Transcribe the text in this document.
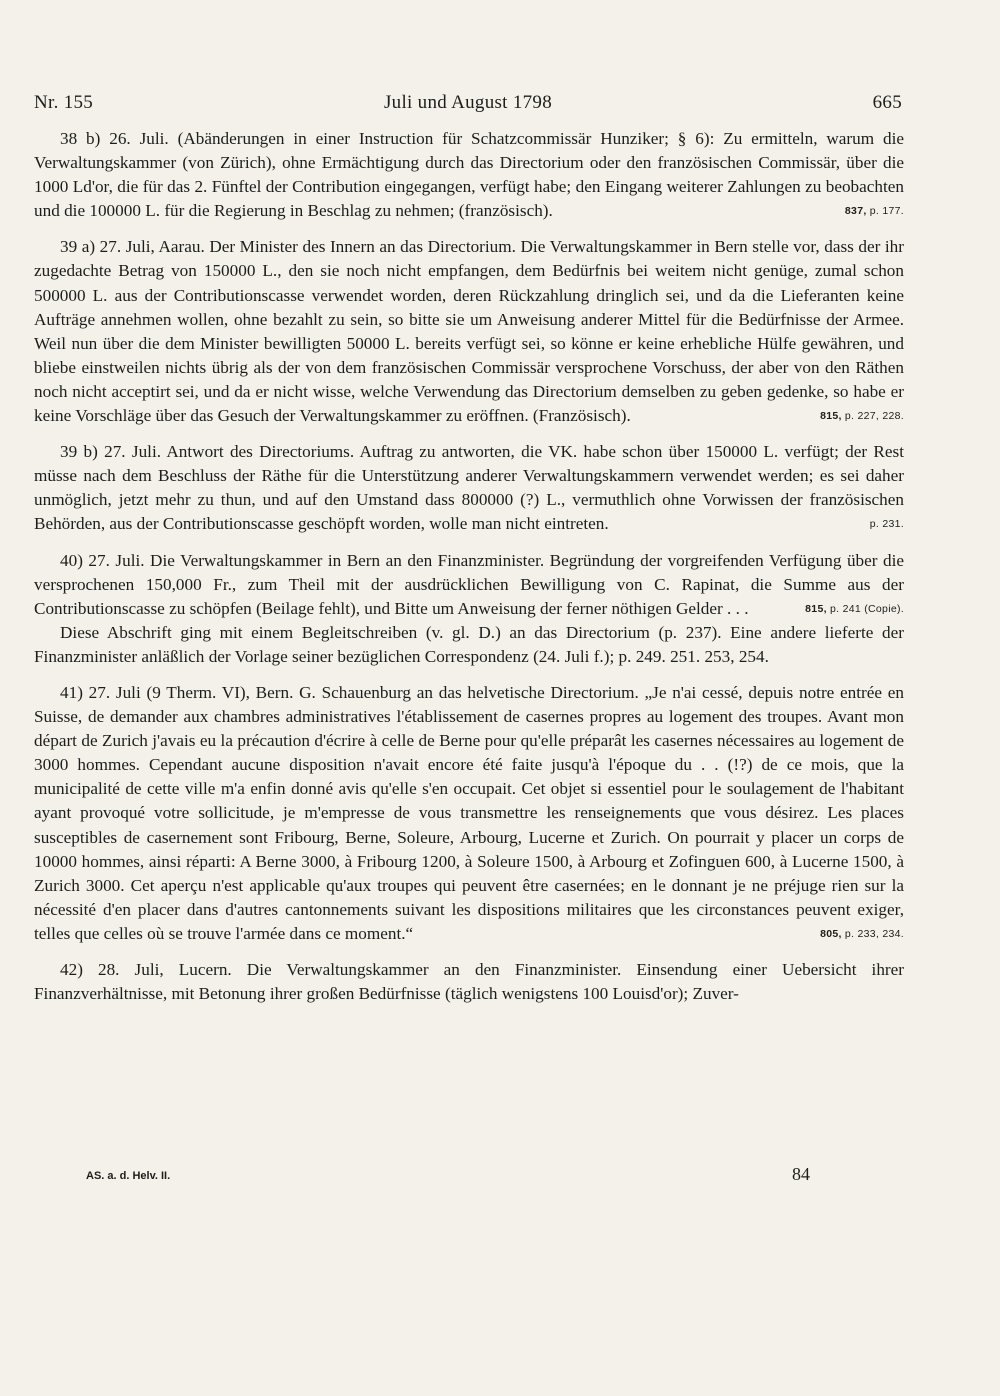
Nr. 155	Juli und August 1798	665

38 b) 26. Juli. (Abänderungen in einer Instruction für Schatzcommissär Hunziker; § 6): Zu ermitteln, warum die Verwaltungskammer (von Zürich), ohne Ermächtigung durch das Directorium oder den französischen Commissär, über die 1000 Ld'or, die für das 2. Fünftel der Contribution eingegangen, verfügt habe; den Eingang weiterer Zahlungen zu beobachten und die 100000 L. für die Regierung in Beschlag zu nehmen; (französisch).	837, p. 177.

39 a) 27. Juli, Aarau. Der Minister des Innern an das Directorium. Die Verwaltungskammer in Bern stelle vor, dass der ihr zugedachte Betrag von 150000 L., den sie noch nicht empfangen, dem Bedürfnis bei weitem nicht genüge, zumal schon 500000 L. aus der Contributionscasse verwendet worden, deren Rückzahlung dringlich sei, und da die Lieferanten keine Aufträge annehmen wollen, ohne bezahlt zu sein, so bitte sie um Anweisung anderer Mittel für die Bedürfnisse der Armee. Weil nun über die dem Minister bewilligten 50000 L. bereits verfügt sei, so könne er keine erhebliche Hülfe gewähren, und bliebe einstweilen nichts übrig als der von dem französischen Commissär versprochene Vorschuss, der aber von den Räthen noch nicht acceptirt sei, und da er nicht wisse, welche Verwendung das Directorium demselben zu geben gedenke, so habe er keine Vorschläge über das Gesuch der Verwaltungskammer zu eröffnen. (Französisch).	815, p. 227, 228.

39 b) 27. Juli. Antwort des Directoriums. Auftrag zu antworten, die VK. habe schon über 150000 L. verfügt; der Rest müsse nach dem Beschluss der Räthe für die Unterstützung anderer Verwaltungskammern verwendet werden; es sei daher unmöglich, jetzt mehr zu thun, und auf den Umstand dass 800000 (?) L., vermuthlich ohne Vorwissen der französischen Behörden, aus der Contributionscasse geschöpft worden, wolle man nicht eintreten.	p. 231.

40) 27. Juli. Die Verwaltungskammer in Bern an den Finanzminister. Begründung der vorgreifenden Verfügung über die versprochenen 150,000 Fr., zum Theil mit der ausdrücklichen Bewilligung von C. Rapinat, die Summe aus der Contributionscasse zu schöpfen (Beilage fehlt), und Bitte um Anweisung der ferner nöthigen Gelder . . .	815, p. 241 (Copie).

Diese Abschrift ging mit einem Begleitschreiben (v. gl. D.) an das Directorium (p. 237). Eine andere lieferte der Finanzminister anläßlich der Vorlage seiner bezüglichen Correspondenz (24. Juli f.); p. 249. 251. 253, 254.

41) 27. Juli (9 Therm. VI), Bern. G. Schauenburg an das helvetische Directorium. „Je n'ai cessé, depuis notre entrée en Suisse, de demander aux chambres administratives l'établissement de casernes propres au logement des troupes. Avant mon départ de Zurich j'avais eu la précaution d'écrire à celle de Berne pour qu'elle préparât les casernes nécessaires au logement de 3000 hommes. Cependant aucune disposition n'avait encore été faite jusqu'à l'époque du . . (!?) de ce mois, que la municipalité de cette ville m'a enfin donné avis qu'elle s'en occupait. Cet objet si essentiel pour le soulagement de l'habitant ayant provoqué votre sollicitude, je m'empresse de vous transmettre les renseignements que vous désirez. Les places susceptibles de casernement sont Fribourg, Berne, Soleure, Arbourg, Lucerne et Zurich. On pourrait y placer un corps de 10000 hommes, ainsi réparti: A Berne 3000, à Fribourg 1200, à Soleure 1500, à Arbourg et Zofinguen 600, à Lucerne 1500, à Zurich 3000. Cet aperçu n'est applicable qu'aux troupes qui peuvent être casernées; en le donnant je ne préjuge rien sur la nécessité d'en placer dans d'autres cantonnements suivant les dispositions militaires que les circonstances peuvent exiger, telles que celles où se trouve l'armée dans ce moment.“	805, p. 233, 234.

42) 28. Juli, Lucern. Die Verwaltungskammer an den Finanzminister. Einsendung einer Uebersicht ihrer Finanzverhältnisse, mit Betonung ihrer großen Bedürfnisse (täglich wenigstens 100 Louisd'or); Zuver-

AS. a. d. Helv. II.	84
